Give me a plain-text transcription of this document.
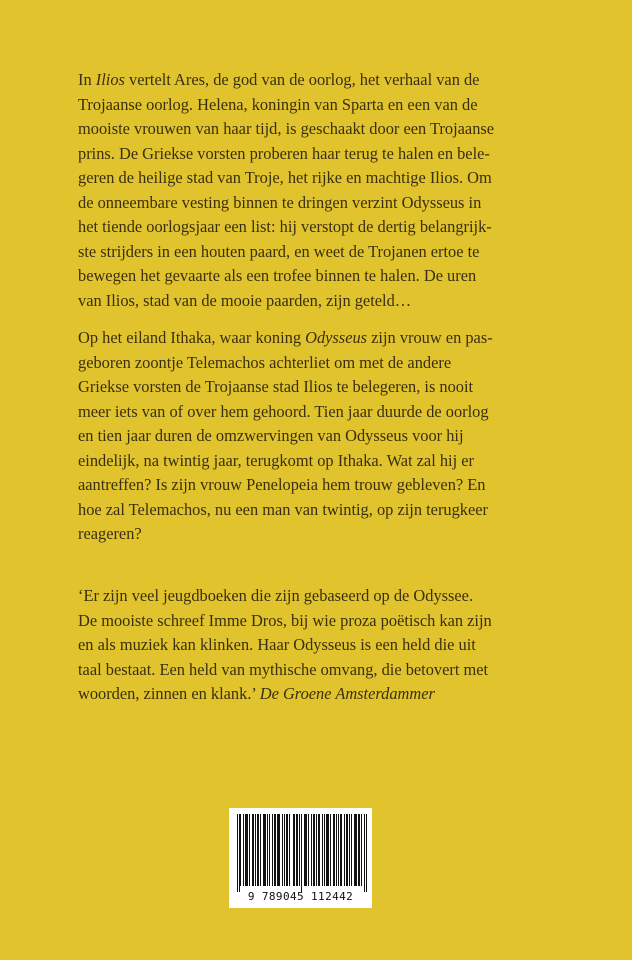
In Ilios vertelt Ares, de god van de oorlog, het verhaal van de
Trojaanse oorlog. Helena, koningin van Sparta en een van de
mooiste vrouwen van haar tijd, is geschaakt door een Trojaanse
prins. De Griekse vorsten proberen haar terug te halen en bele-
geren de heilige stad van Troje, het rijke en machtige Ilios. Om
de onneembare vesting binnen te dringen verzint Odysseus in
het tiende oorlogsjaar een list: hij verstopt de dertig belangrijk-
ste strijders in een houten paard, en weet de Trojanen ertoe te
bewegen het gevaarte als een trofee binnen te halen. De uren
van Ilios, stad van de mooie paarden, zijn geteld…
Op het eiland Ithaka, waar koning Odysseus zijn vrouw en pas-
geboren zoontje Telemachos achterliet om met de andere
Griekse vorsten de Trojaanse stad Ilios te belegeren, is nooit
meer iets van of over hem gehoord. Tien jaar duurde de oorlog
en tien jaar duren de omzwervingen van Odysseus voor hij
eindelijk, na twintig jaar, terugkomt op Ithaka. Wat zal hij er
aantreffen? Is zijn vrouw Penelopeia hem trouw gebleven? En
hoe zal Telemachos, nu een man van twintig, op zijn terugkeer
reageren?
‘Er zijn veel jeugdboeken die zijn gebaseerd op de Odyssee.
De mooiste schreef Imme Dros, bij wie proza poëtisch kan zijn
en als muziek kan klinken. Haar Odysseus is een held die uit
taal bestaat. Een held van mythische omvang, die betovert met
woorden, zinnen en klank.’ De Groene Amsterdammer
9 789045 112442
